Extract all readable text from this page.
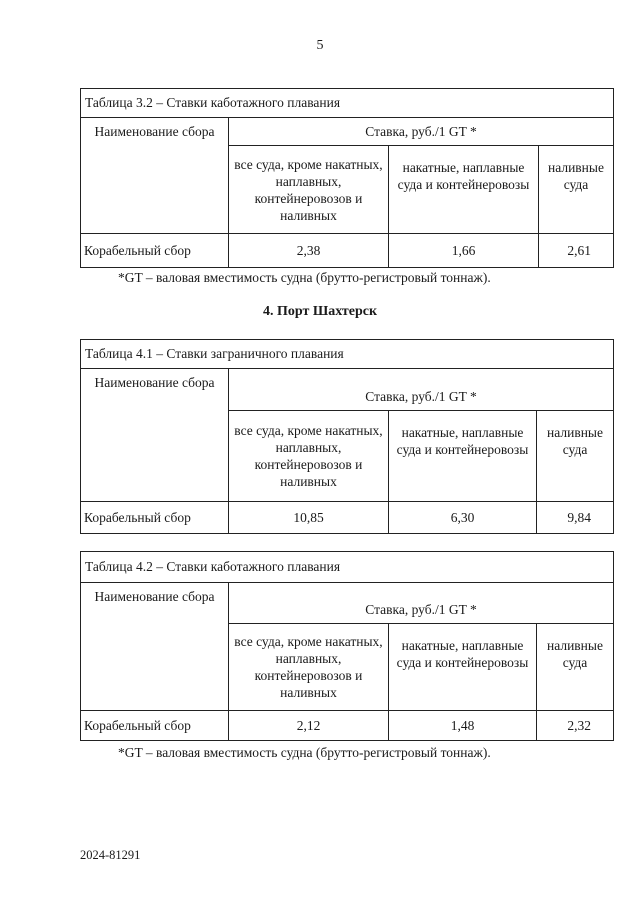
5
Таблица 3.2 – Ставки каботажного плавания			
Наименование сбора	Ставка, руб./1 GT *		
	все суда, кроме накатных, наплавных, контейнеровозов и наливных	накатные, наплавные суда и контейнеровозы	наливные суда
Корабельный сбор	2,38	1,66	2,61
*GT – валовая вместимость судна (брутто-регистровый тоннаж).
4. Порт Шахтерск
Таблица 4.1 – Ставки заграничного плавания			
Наименование сбора	Ставка, руб./1 GT *		
	все суда, кроме накатных, наплавных, контейнеровозов и наливных	накатные, наплавные суда и контейнеровозы	наливные суда
Корабельный сбор	10,85	6,30	9,84
Таблица 4.2 – Ставки каботажного плавания			
Наименование сбора	Ставка, руб./1 GT *		
	все суда, кроме накатных, наплавных, контейнеровозов и наливных	накатные, наплавные суда и контейнеровозы	наливные суда
Корабельный сбор	2,12	1,48	2,32
*GT – валовая вместимость судна (брутто-регистровый тоннаж).
2024-81291
